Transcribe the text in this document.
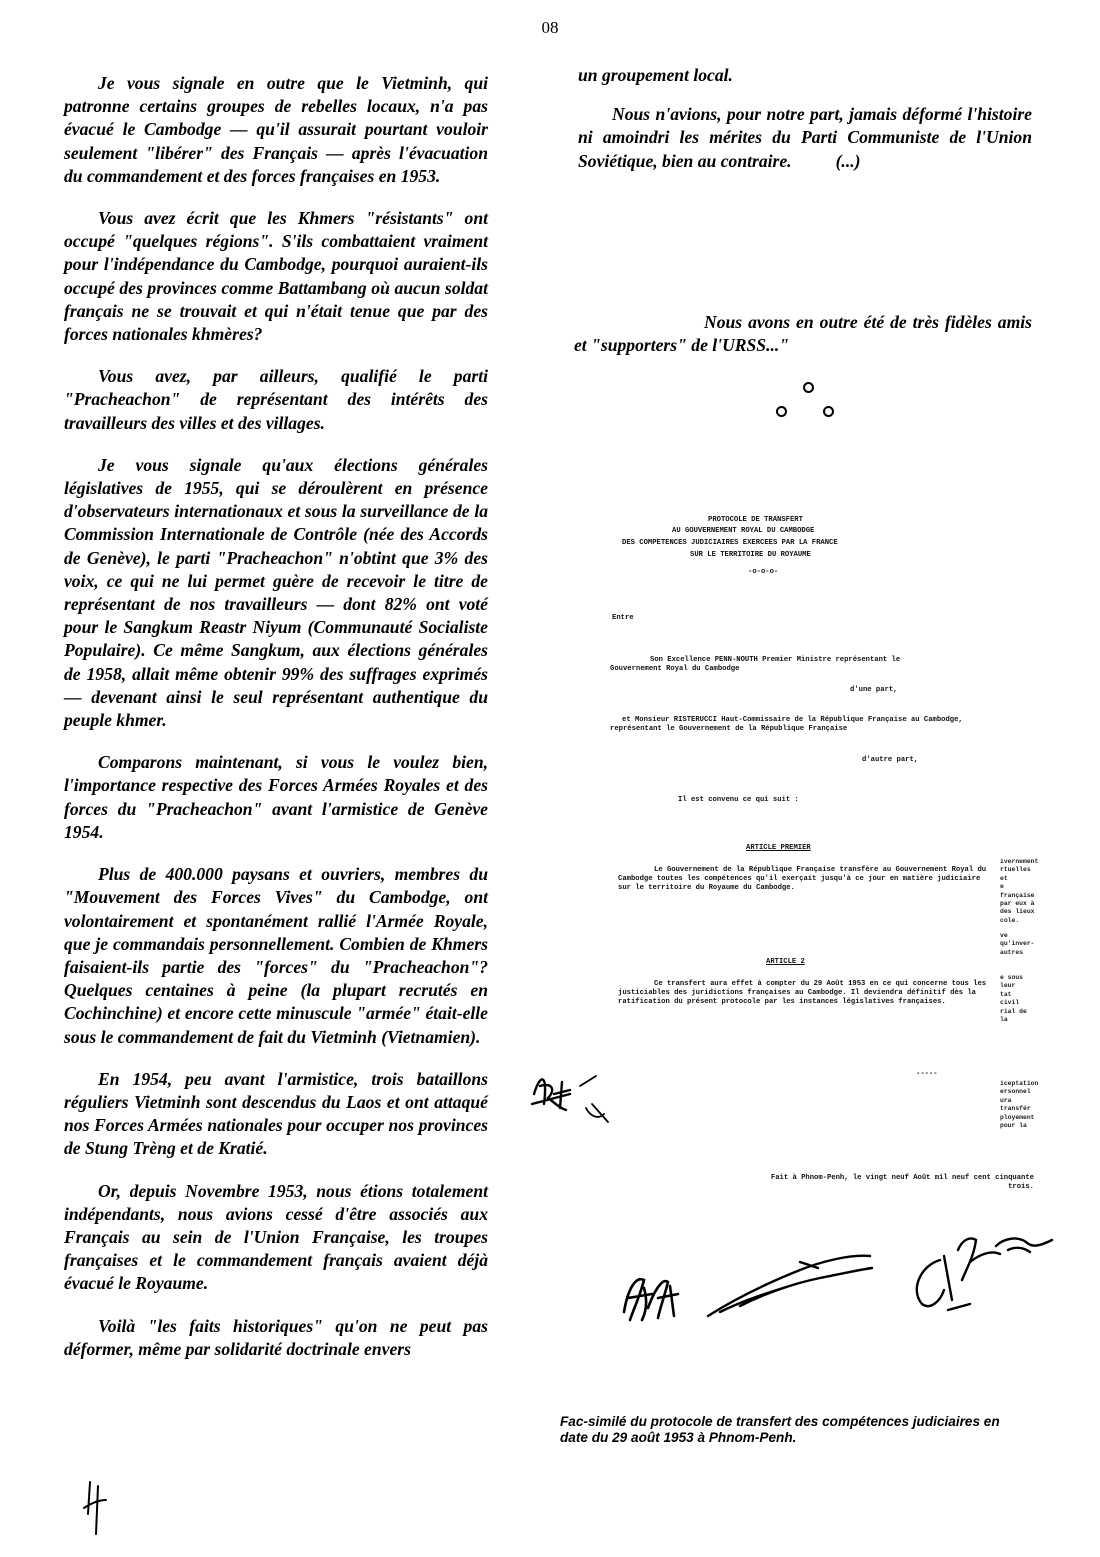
08

Je vous signale en outre que le Vietminh, qui patronne certains groupes de rebelles locaux, n'a pas évacué le Cambodge — qu'il assurait pourtant vouloir seulement "libérer" des Français — après l'évacuation du commandement et des forces françaises en 1953.

Vous avez écrit que les Khmers "résistants" ont occupé "quelques régions". S'ils combattaient vraiment pour l'indépendance du Cambodge, pourquoi auraient-ils occupé des provinces comme Battambang où aucun soldat français ne se trouvait et qui n'était tenue que par des forces nationales khmères?

Vous avez, par ailleurs, qualifié le parti "Pracheachon" de représentant des intérêts des travailleurs des villes et des villages.

Je vous signale qu'aux élections générales législatives de 1955, qui se déroulèrent en présence d'observateurs internationaux et sous la surveillance de la Commission Internationale de Contrôle (née des Accords de Genève), le parti "Pracheachon" n'obtint que 3% des voix, ce qui ne lui permet guère de recevoir le titre de représentant de nos travailleurs — dont 82% ont voté pour le Sangkum Reastr Niyum (Communauté Socialiste Populaire). Ce même Sangkum, aux élections générales de 1958, allait même obtenir 99% des suffrages exprimés — devenant ainsi le seul représentant authentique du peuple khmer.

Comparons maintenant, si vous le voulez bien, l'importance respective des Forces Armées Royales et des forces du "Pracheachon" avant l'armistice de Genève 1954.

Plus de 400.000 paysans et ouvriers, membres du "Mouvement des Forces Vives" du Cambodge, ont volontairement et spontanément rallié l'Armée Royale, que je commandais personnellement. Combien de Khmers faisaient-ils partie des "forces" du "Pracheachon"? Quelques centaines à peine (la plupart recrutés en Cochinchine) et encore cette minuscule "armée" était-elle sous le commandement de fait du Vietminh (Vietnamien).

En 1954, peu avant l'armistice, trois bataillons réguliers Vietminh sont descendus du Laos et ont attaqué nos Forces Armées nationales pour occuper nos provinces de Stung Trèng et de Kratié.

Or, depuis Novembre 1953, nous étions totalement indépendants, nous avions cessé d'être associés aux Français au sein de l'Union Française, les troupes françaises et le commandement français avaient déjà évacué le Royaume.

Voilà "les faits historiques" qu'on ne peut pas déformer, même par solidarité doctrinale envers

un groupement local.

Nous n'avions, pour notre part, jamais déformé l'histoire ni amoindri les mérites du Parti Communiste de l'Union Soviétique, bien au contraire. (...)

Nous avons en outre été de très fidèles amis et "supporters" de l'URSS..."

PROTOCOLE DE TRANSFERT
AU GOUVERNEMENT ROYAL DU CAMBODGE
DES COMPETENCES JUDICIAIRES EXERCEES PAR LA FRANCE
SUR LE TERRITOIRE DU ROYAUME
-o-o-o-
Entre
Son Excellence PENN-NOUTH Premier Ministre représentant le Gouvernement Royal du Cambodge
d'une part,
et Monsieur RISTERUCCI Haut-Commissaire de la République Française au Cambodge, représentant le Gouvernement de la République Française
d'autre part,
Il est convenu ce qui suit :
ARTICLE PREMIER
Le Gouvernement de la République Française transfère au Gouvernement Royal du Cambodge toutes les compétences qu'il exerçait jusqu'à ce jour en matière judiciaire sur le territoire du Royaume du Cambodge.
ARTICLE 2
Ce transfert aura effet à compter du 29 Août 1953 en ce qui concerne tous les justiciables des juridictions françaises au Cambodge. Il deviendra définitif dès la ratification du présent protocole par les instances législatives françaises.
-----
ivernement
rtuelles et
e française
par eux à
des lieux
cole.
ve qu'inver-
autres
e sous leur
tat civil
rial de la
iceptation
ersonnel
ura transfér
ployement
pour la
Fait à Phnom-Penh, le vingt neuf Août mil neuf cent cinquante trois.
Fac-similé du protocole de transfert des compétences judiciaires en date du 29 août 1953 à Phnom-Penh.
